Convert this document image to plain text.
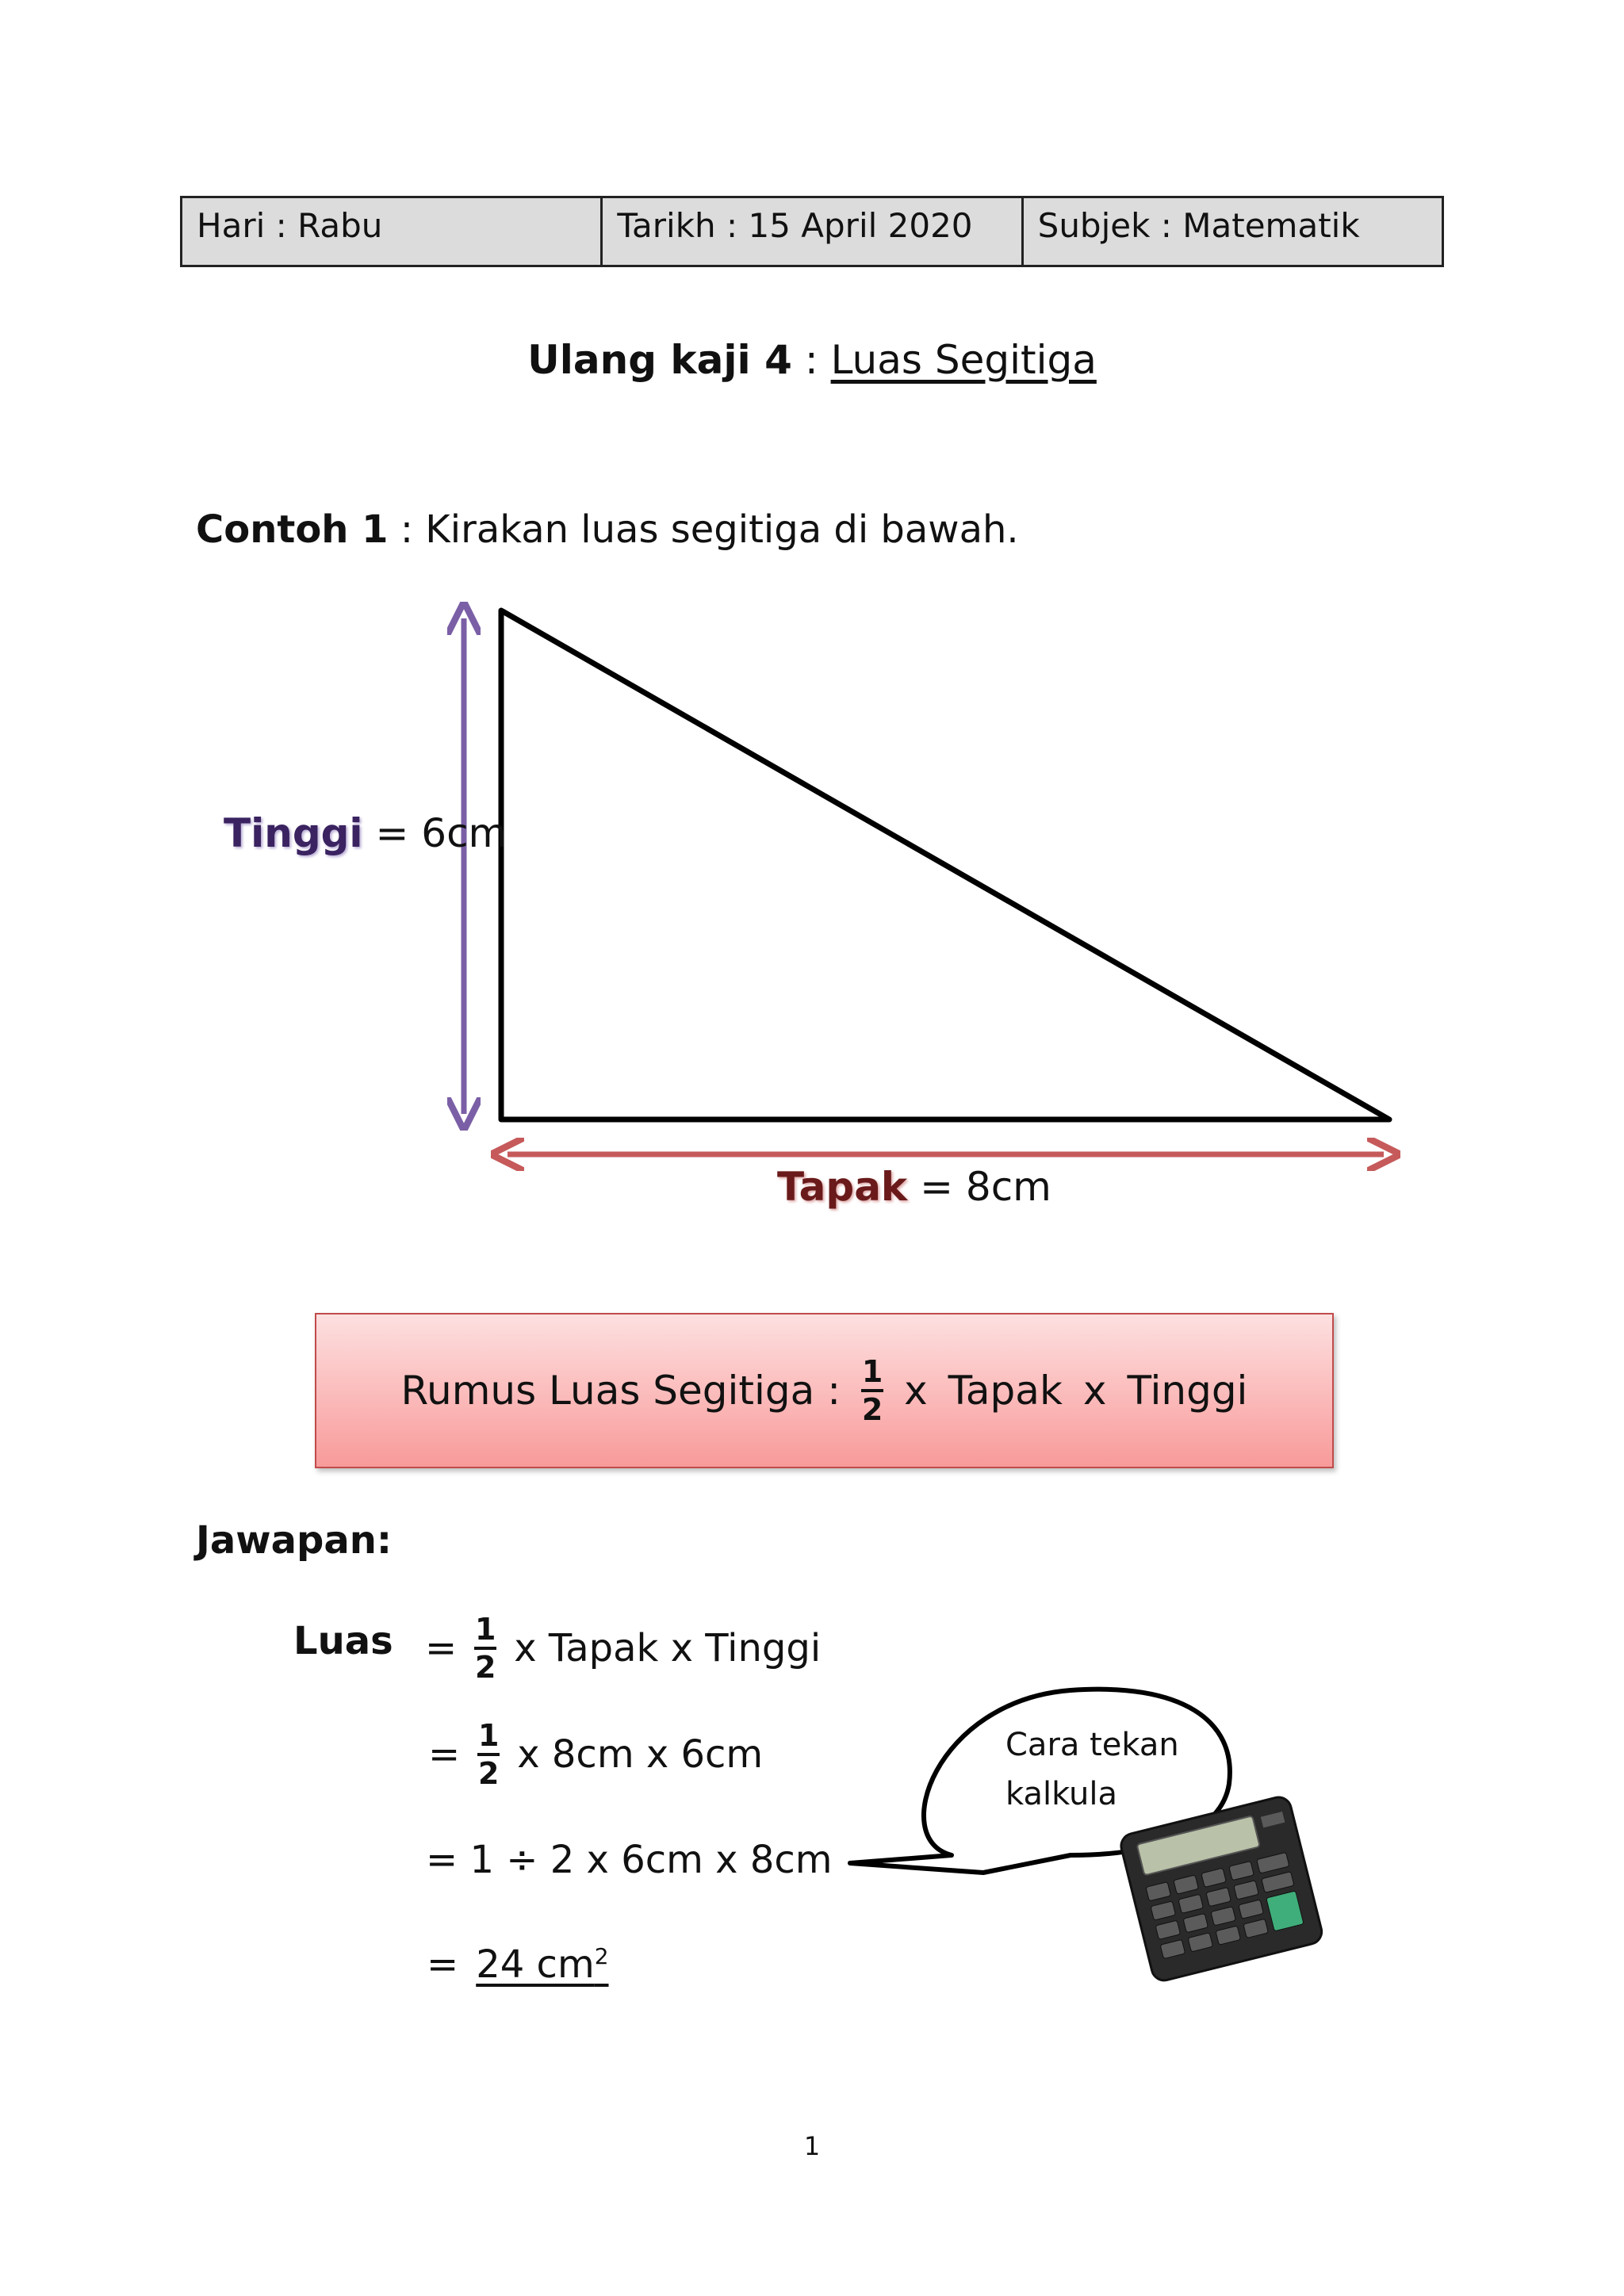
Hari : Rabu	Tarikh : 15 April 2020	Subjek : Matematik
Ulang kaji 4 : Luas Segitiga
Contoh 1 : Kirakan luas segitiga di bawah.
Tinggi = 6cm
Tapak = 8cm
Rumus Luas Segitiga : $\frac{1}{2}$ x Tapak x Tinggi
Jawapan:
Luas = $\frac{1}{2}$ x Tapak x Tinggi
= $\frac{1}{2}$ x 8cm x 6cm
= 1 ÷ 2 x 6cm x 8cm
= 24 $cm^2$
Cara tekan
kalkula
1
